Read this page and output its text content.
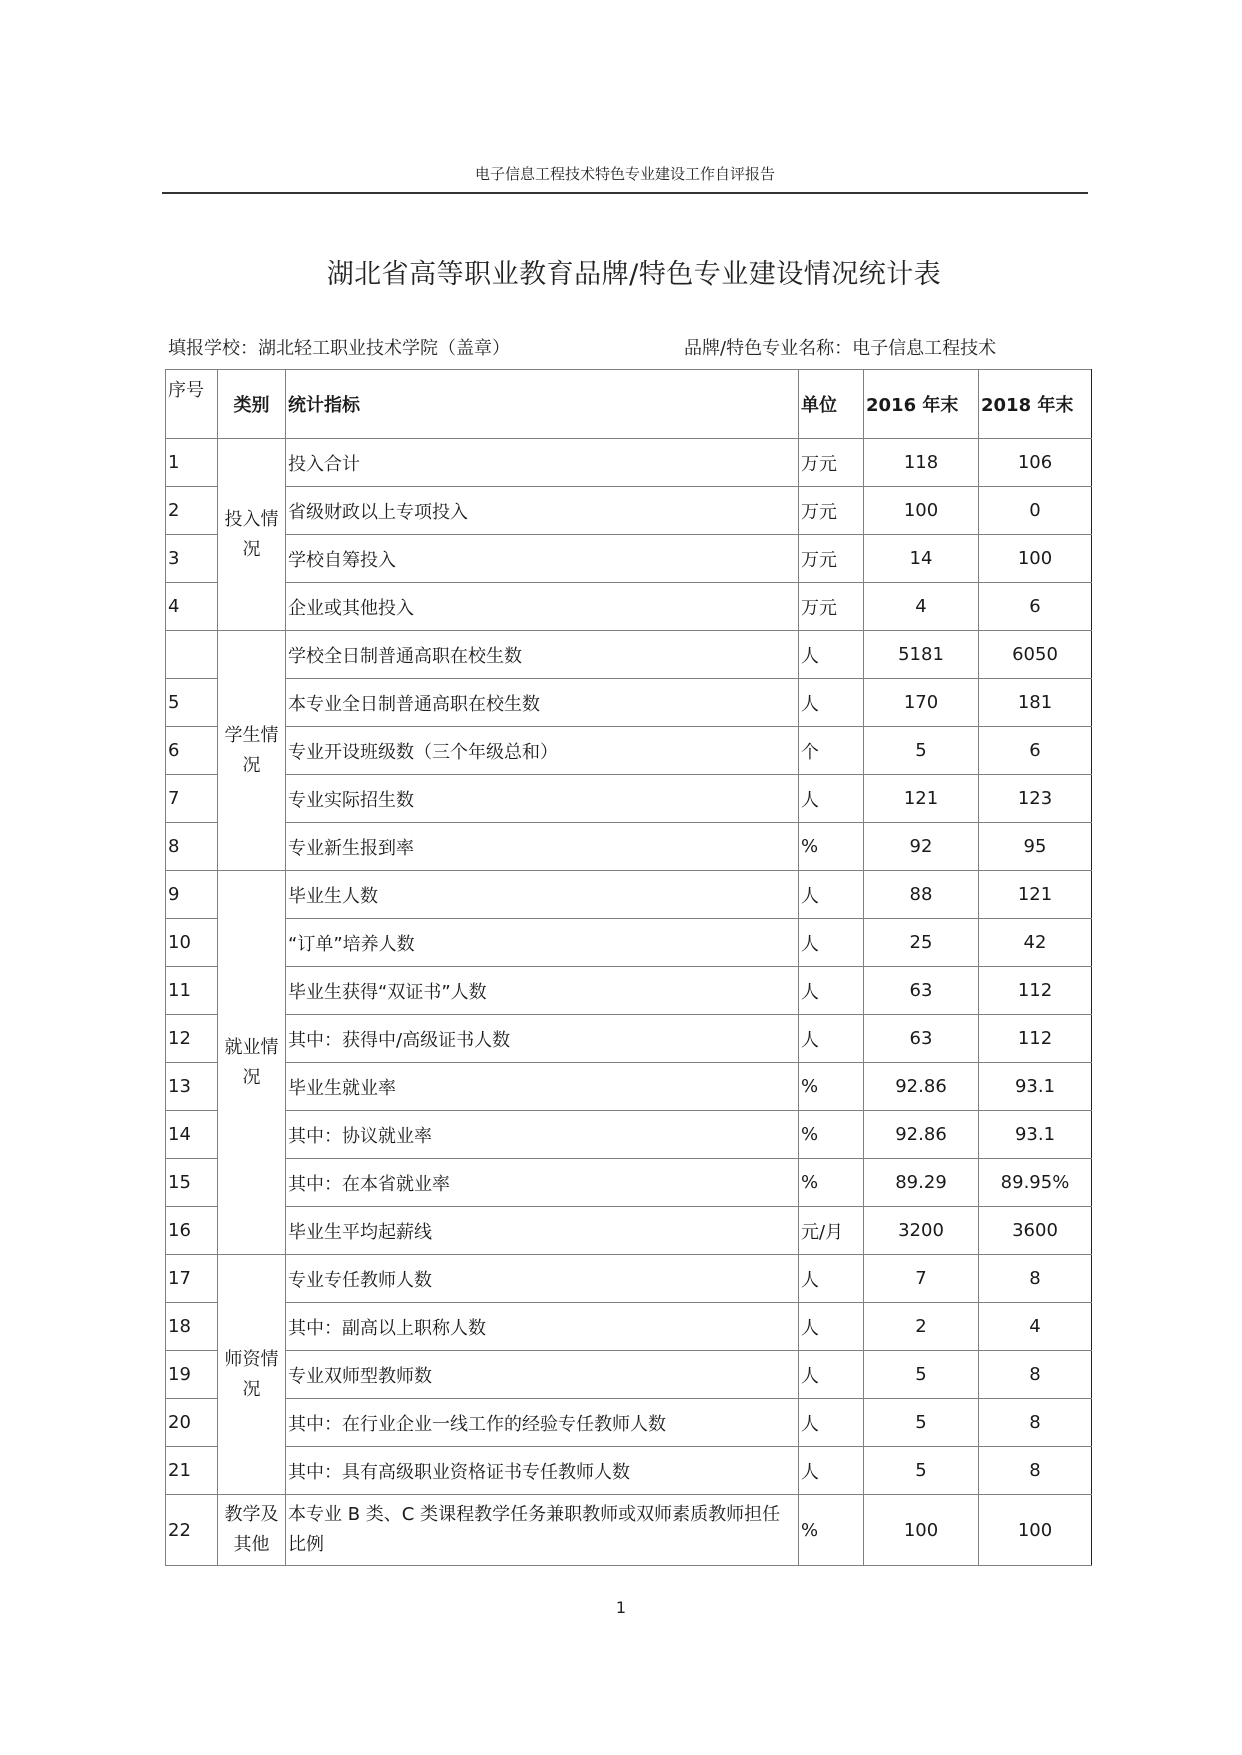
电子信息工程技术特色专业建设工作自评报告
湖北省高等职业教育品牌/特色专业建设情况统计表
填报学校：湖北轻工职业技术学院（盖章）	品牌/特色专业名称：电子信息工程技术
序号	类别	统计指标	单位	2016 年末	2018 年末
1	投入情况	投入合计	万元	118	106
2		省级财政以上专项投入	万元	100	0
3		学校自筹投入	万元	14	100
4		企业或其他投入	万元	4	6
	学生情况	学校全日制普通高职在校生数	人	5181	6050
5		本专业全日制普通高职在校生数	人	170	181
6		专业开设班级数（三个年级总和）	个	5	6
7		专业实际招生数	人	121	123
8		专业新生报到率	%	92	95
9	就业情况	毕业生人数	人	88	121
10		“订单”培养人数	人	25	42
11		毕业生获得“双证书”人数	人	63	112
12		其中：获得中/高级证书人数	人	63	112
13		毕业生就业率	%	92.86	93.1
14		其中：协议就业率	%	92.86	93.1
15		其中：在本省就业率	%	89.29	89.95%
16		毕业生平均起薪线	元/月	3200	3600
17	师资情况	专业专任教师人数	人	7	8
18		其中：副高以上职称人数	人	2	4
19		专业双师型教师数	人	5	8
20		其中：在行业企业一线工作的经验专任教师人数	人	5	8
21		其中：具有高级职业资格证书专任教师人数	人	5	8
22	教学及其他	本专业 B 类、C 类课程教学任务兼职教师或双师素质教师担任比例	%	100	100
1
